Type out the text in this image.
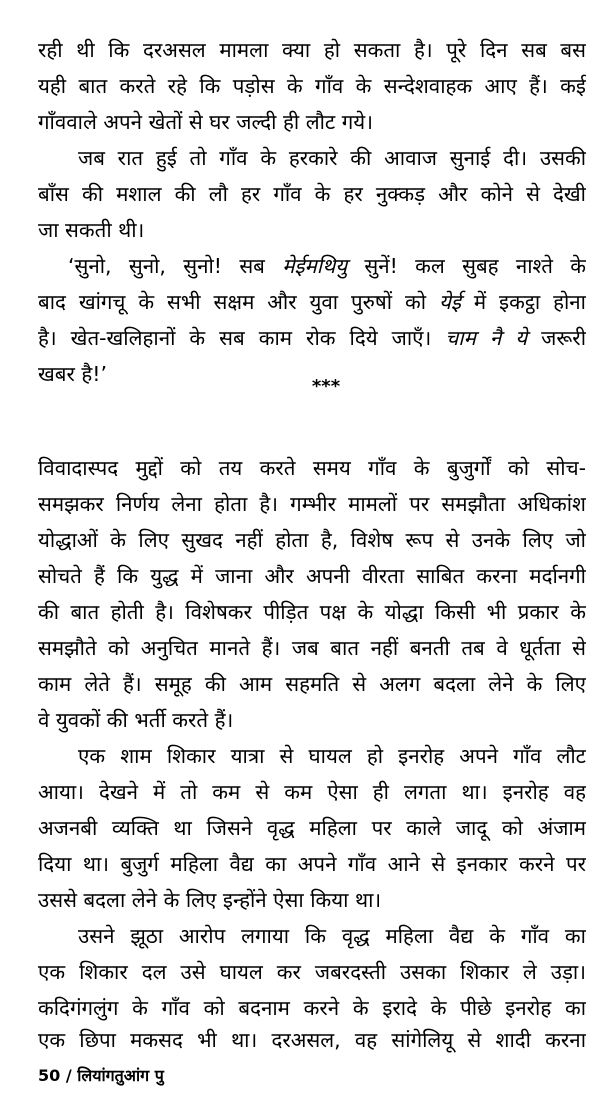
रही थी कि दरअसल मामला क्या हो सकता है। पूरे दिन सब बस
यही बात करते रहे कि पड़ोस के गाँव के सन्देशवाहक आए हैं। कई
गाँववाले अपने खेतों से घर जल्दी ही लौट गये।
जब रात हुई तो गाँव के हरकारे की आवाज सुनाई दी। उसकी
बाँस की मशाल की लौ हर गाँव के हर नुक्कड़ और कोने से देखी
जा सकती थी।
‘सुनो, सुनो, सुनो! सब मेईमथियु सुनें! कल सुबह नाश्ते के
बाद खांगचू के सभी सक्षम और युवा पुरुषों को येई में इकट्ठा होना
है। खेत-खलिहानों के सब काम रोक दिये जाएँ। चाम नै ये जरूरी
खबर है!’
***
विवादास्पद मुद्दों को तय करते समय गाँव के बुजुर्गों को सोच-
समझकर निर्णय लेना होता है। गम्भीर मामलों पर समझौता अधिकांश
योद्धाओं के लिए सुखद नहीं होता है, विशेष रूप से उनके लिए जो
सोचते हैं कि युद्ध में जाना और अपनी वीरता साबित करना मर्दानगी
की बात होती है। विशेषकर पीड़ित पक्ष के योद्धा किसी भी प्रकार के
समझौते को अनुचित मानते हैं। जब बात नहीं बनती तब वे धूर्तता से
काम लेते हैं। समूह की आम सहमति से अलग बदला लेने के लिए
वे युवकों की भर्ती करते हैं।
एक शाम शिकार यात्रा से घायल हो इनरोह अपने गाँव लौट
आया। देखने में तो कम से कम ऐसा ही लगता था। इनरोह वह
अजनबी व्यक्ति था जिसने वृद्ध महिला पर काले जादू को अंजाम
दिया था। बुजुर्ग महिला वैद्य का अपने गाँव आने से इनकार करने पर
उससे बदला लेने के लिए इन्होंने ऐसा किया था।
उसने झूठा आरोप लगाया कि वृद्ध महिला वैद्य के गाँव का
एक शिकार दल उसे घायल कर जबरदस्ती उसका शिकार ले उड़ा।
कदिगंगलुंग के गाँव को बदनाम करने के इरादे के पीछे इनरोह का
एक छिपा मकसद भी था। दरअसल, वह सांगेलियू से शादी करना
50 / लियांगतुआंग पु
